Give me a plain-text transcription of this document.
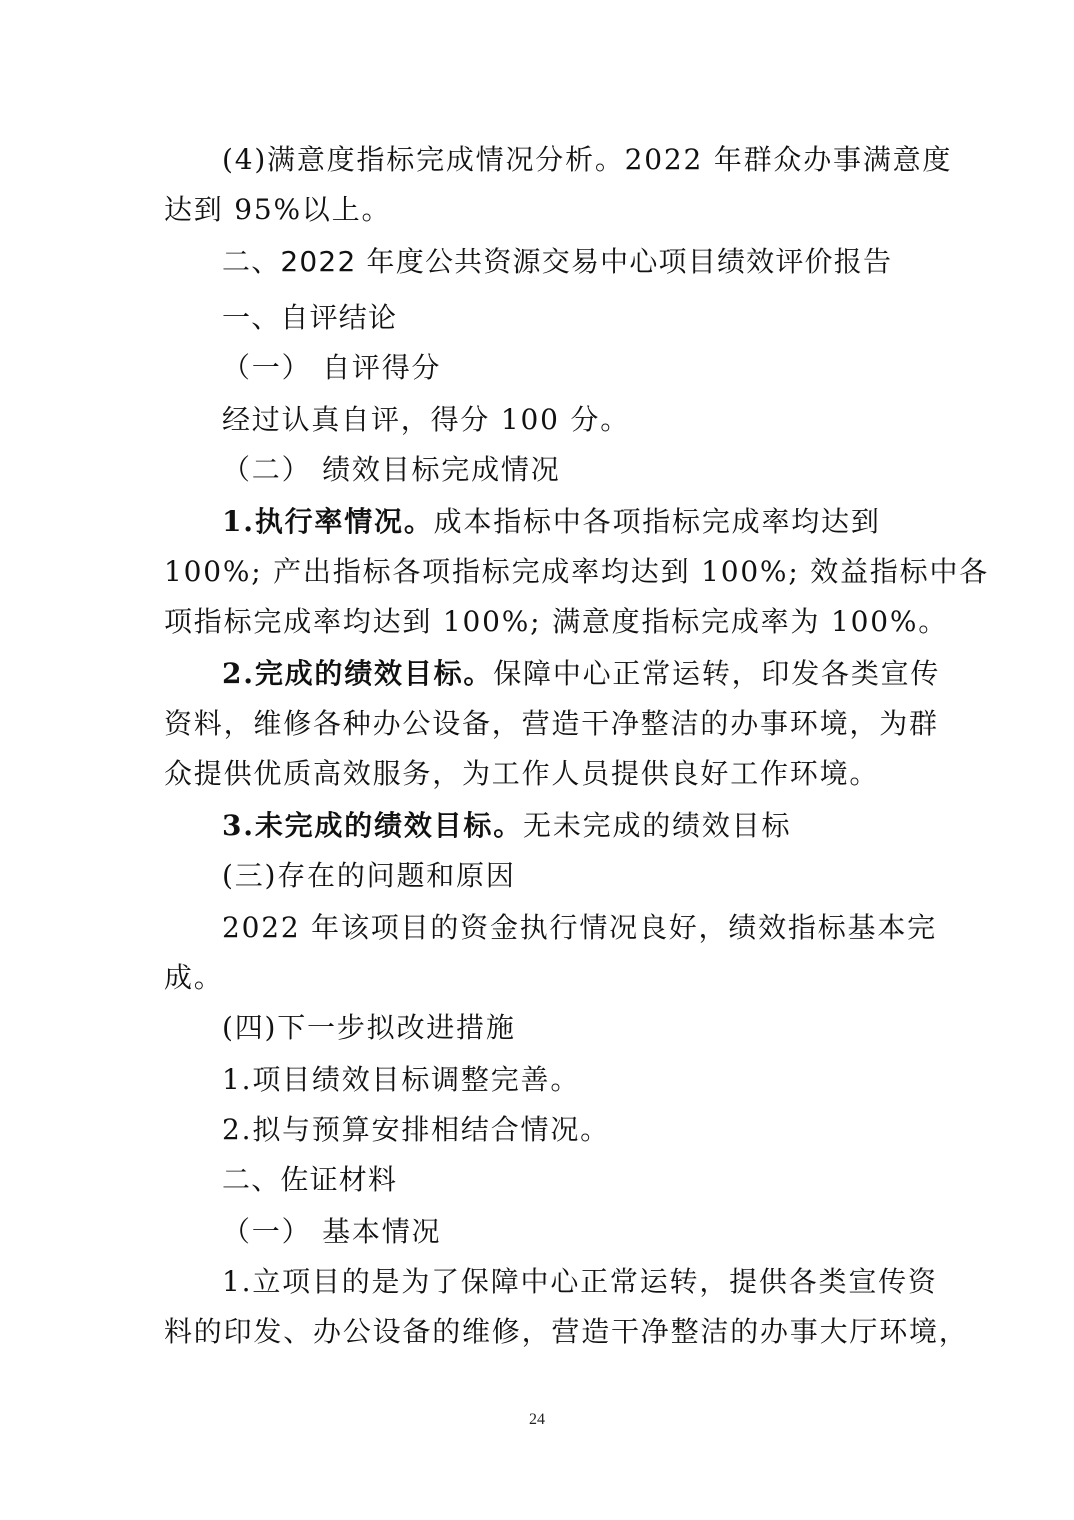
(4)满意度指标完成情况分析。2022 年群众办事满意度
达到 95%以上。
二、2022 年度公共资源交易中心项目绩效评价报告
一、自评结论
（一） 自评得分
经过认真自评，得分 100 分。
（二） 绩效目标完成情况
1.执行率情况。成本指标中各项指标完成率均达到
100%; 产出指标各项指标完成率均达到 100%; 效益指标中各
项指标完成率均达到 100%; 满意度指标完成率为 100%。
2.完成的绩效目标。保障中心正常运转，印发各类宣传
资料，维修各种办公设备，营造干净整洁的办事环境，为群
众提供优质高效服务，为工作人员提供良好工作环境。
3.未完成的绩效目标。无未完成的绩效目标
(三)存在的问题和原因
2022 年该项目的资金执行情况良好，绩效指标基本完
成。
(四)下一步拟改进措施
1.项目绩效目标调整完善。
2.拟与预算安排相结合情况。
二、佐证材料
（一） 基本情况
1.立项目的是为了保障中心正常运转，提供各类宣传资
料的印发、办公设备的维修，营造干净整洁的办事大厅环境，
24
